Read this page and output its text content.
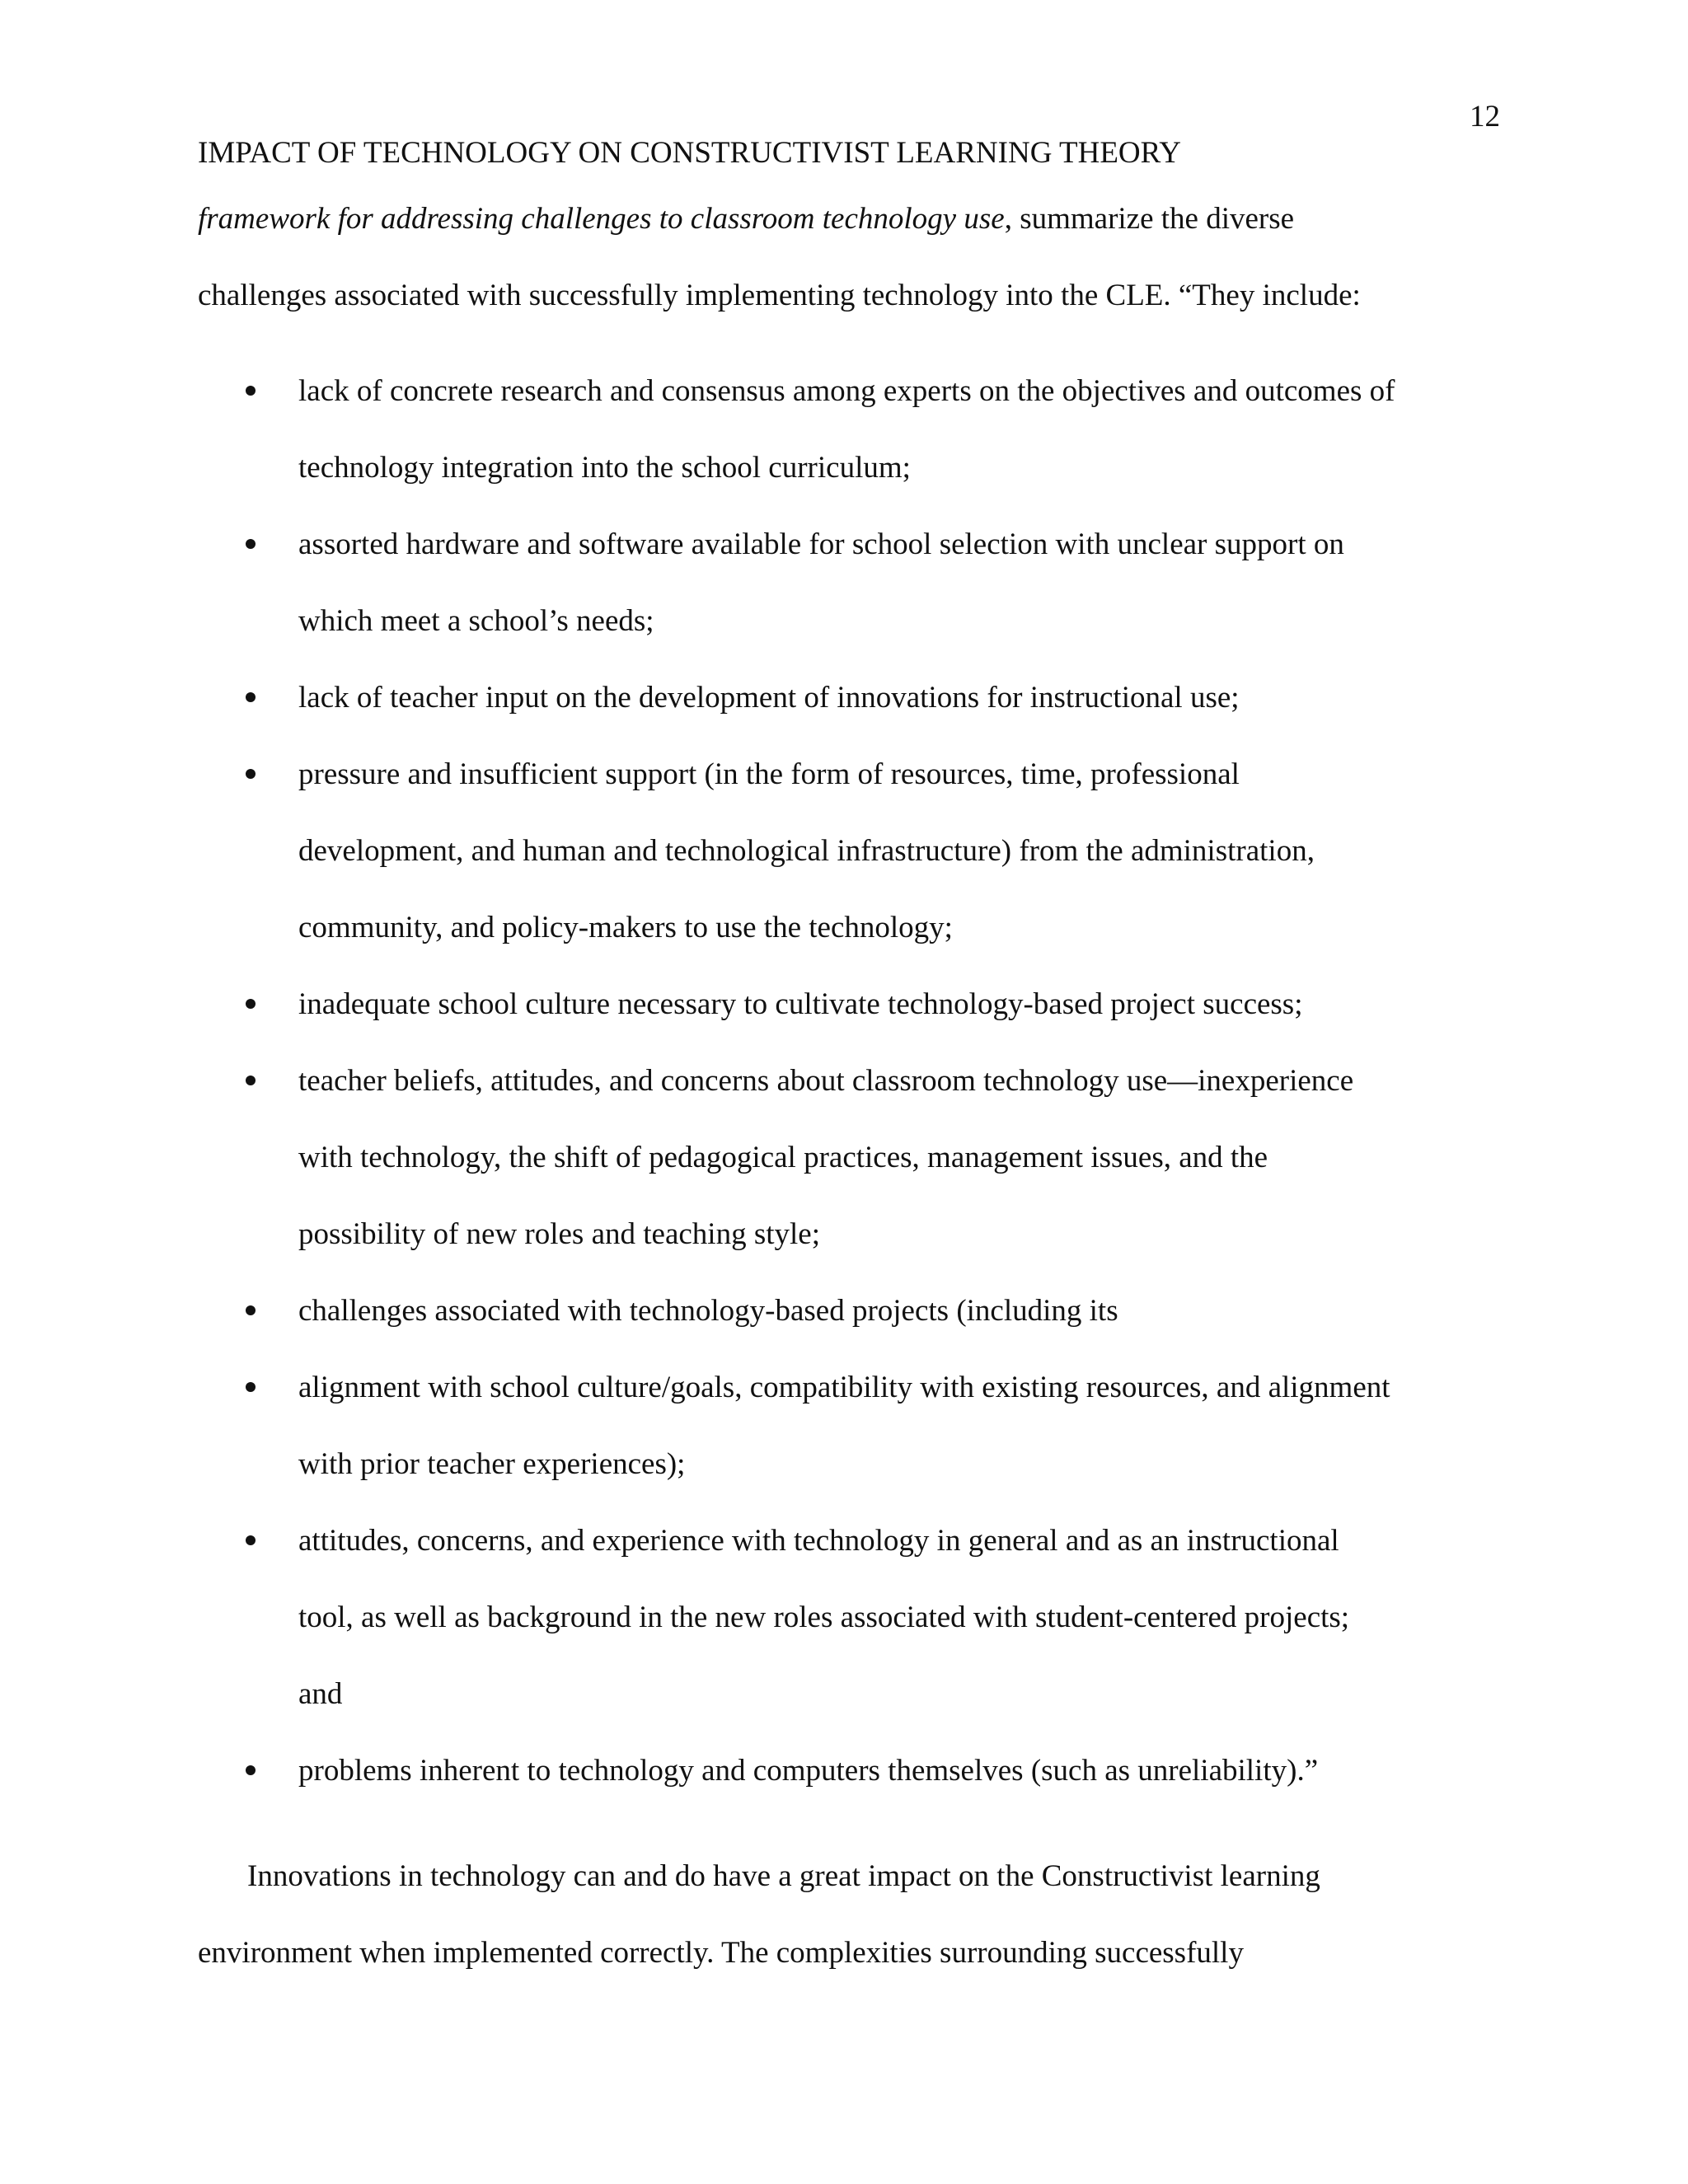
12
IMPACT OF TECHNOLOGY ON CONSTRUCTIVIST LEARNING THEORY
framework for addressing challenges to classroom technology use, summarize the diverse
challenges associated with successfully implementing technology into the CLE. “They include:
lack of concrete research and consensus among experts on the objectives and outcomes of
technology integration into the school curriculum;
assorted hardware and software available for school selection with unclear support on
which meet a school’s needs;
lack of teacher input on the development of innovations for instructional use;
pressure and insufficient support (in the form of resources, time, professional
development, and human and technological infrastructure) from the administration,
community, and policy-makers to use the technology;
inadequate school culture necessary to cultivate technology-based project success;
teacher beliefs, attitudes, and concerns about classroom technology use—inexperience
with technology, the shift of pedagogical practices, management issues, and the
possibility of new roles and teaching style;
challenges associated with technology-based projects (including its
alignment with school culture/goals, compatibility with existing resources, and alignment
with prior teacher experiences);
attitudes, concerns, and experience with technology in general and as an instructional
tool, as well as background in the new roles associated with student-centered projects;
and
problems inherent to technology and computers themselves (such as unreliability).”
Innovations in technology can and do have a great impact on the Constructivist learning
environment when implemented correctly. The complexities surrounding successfully
